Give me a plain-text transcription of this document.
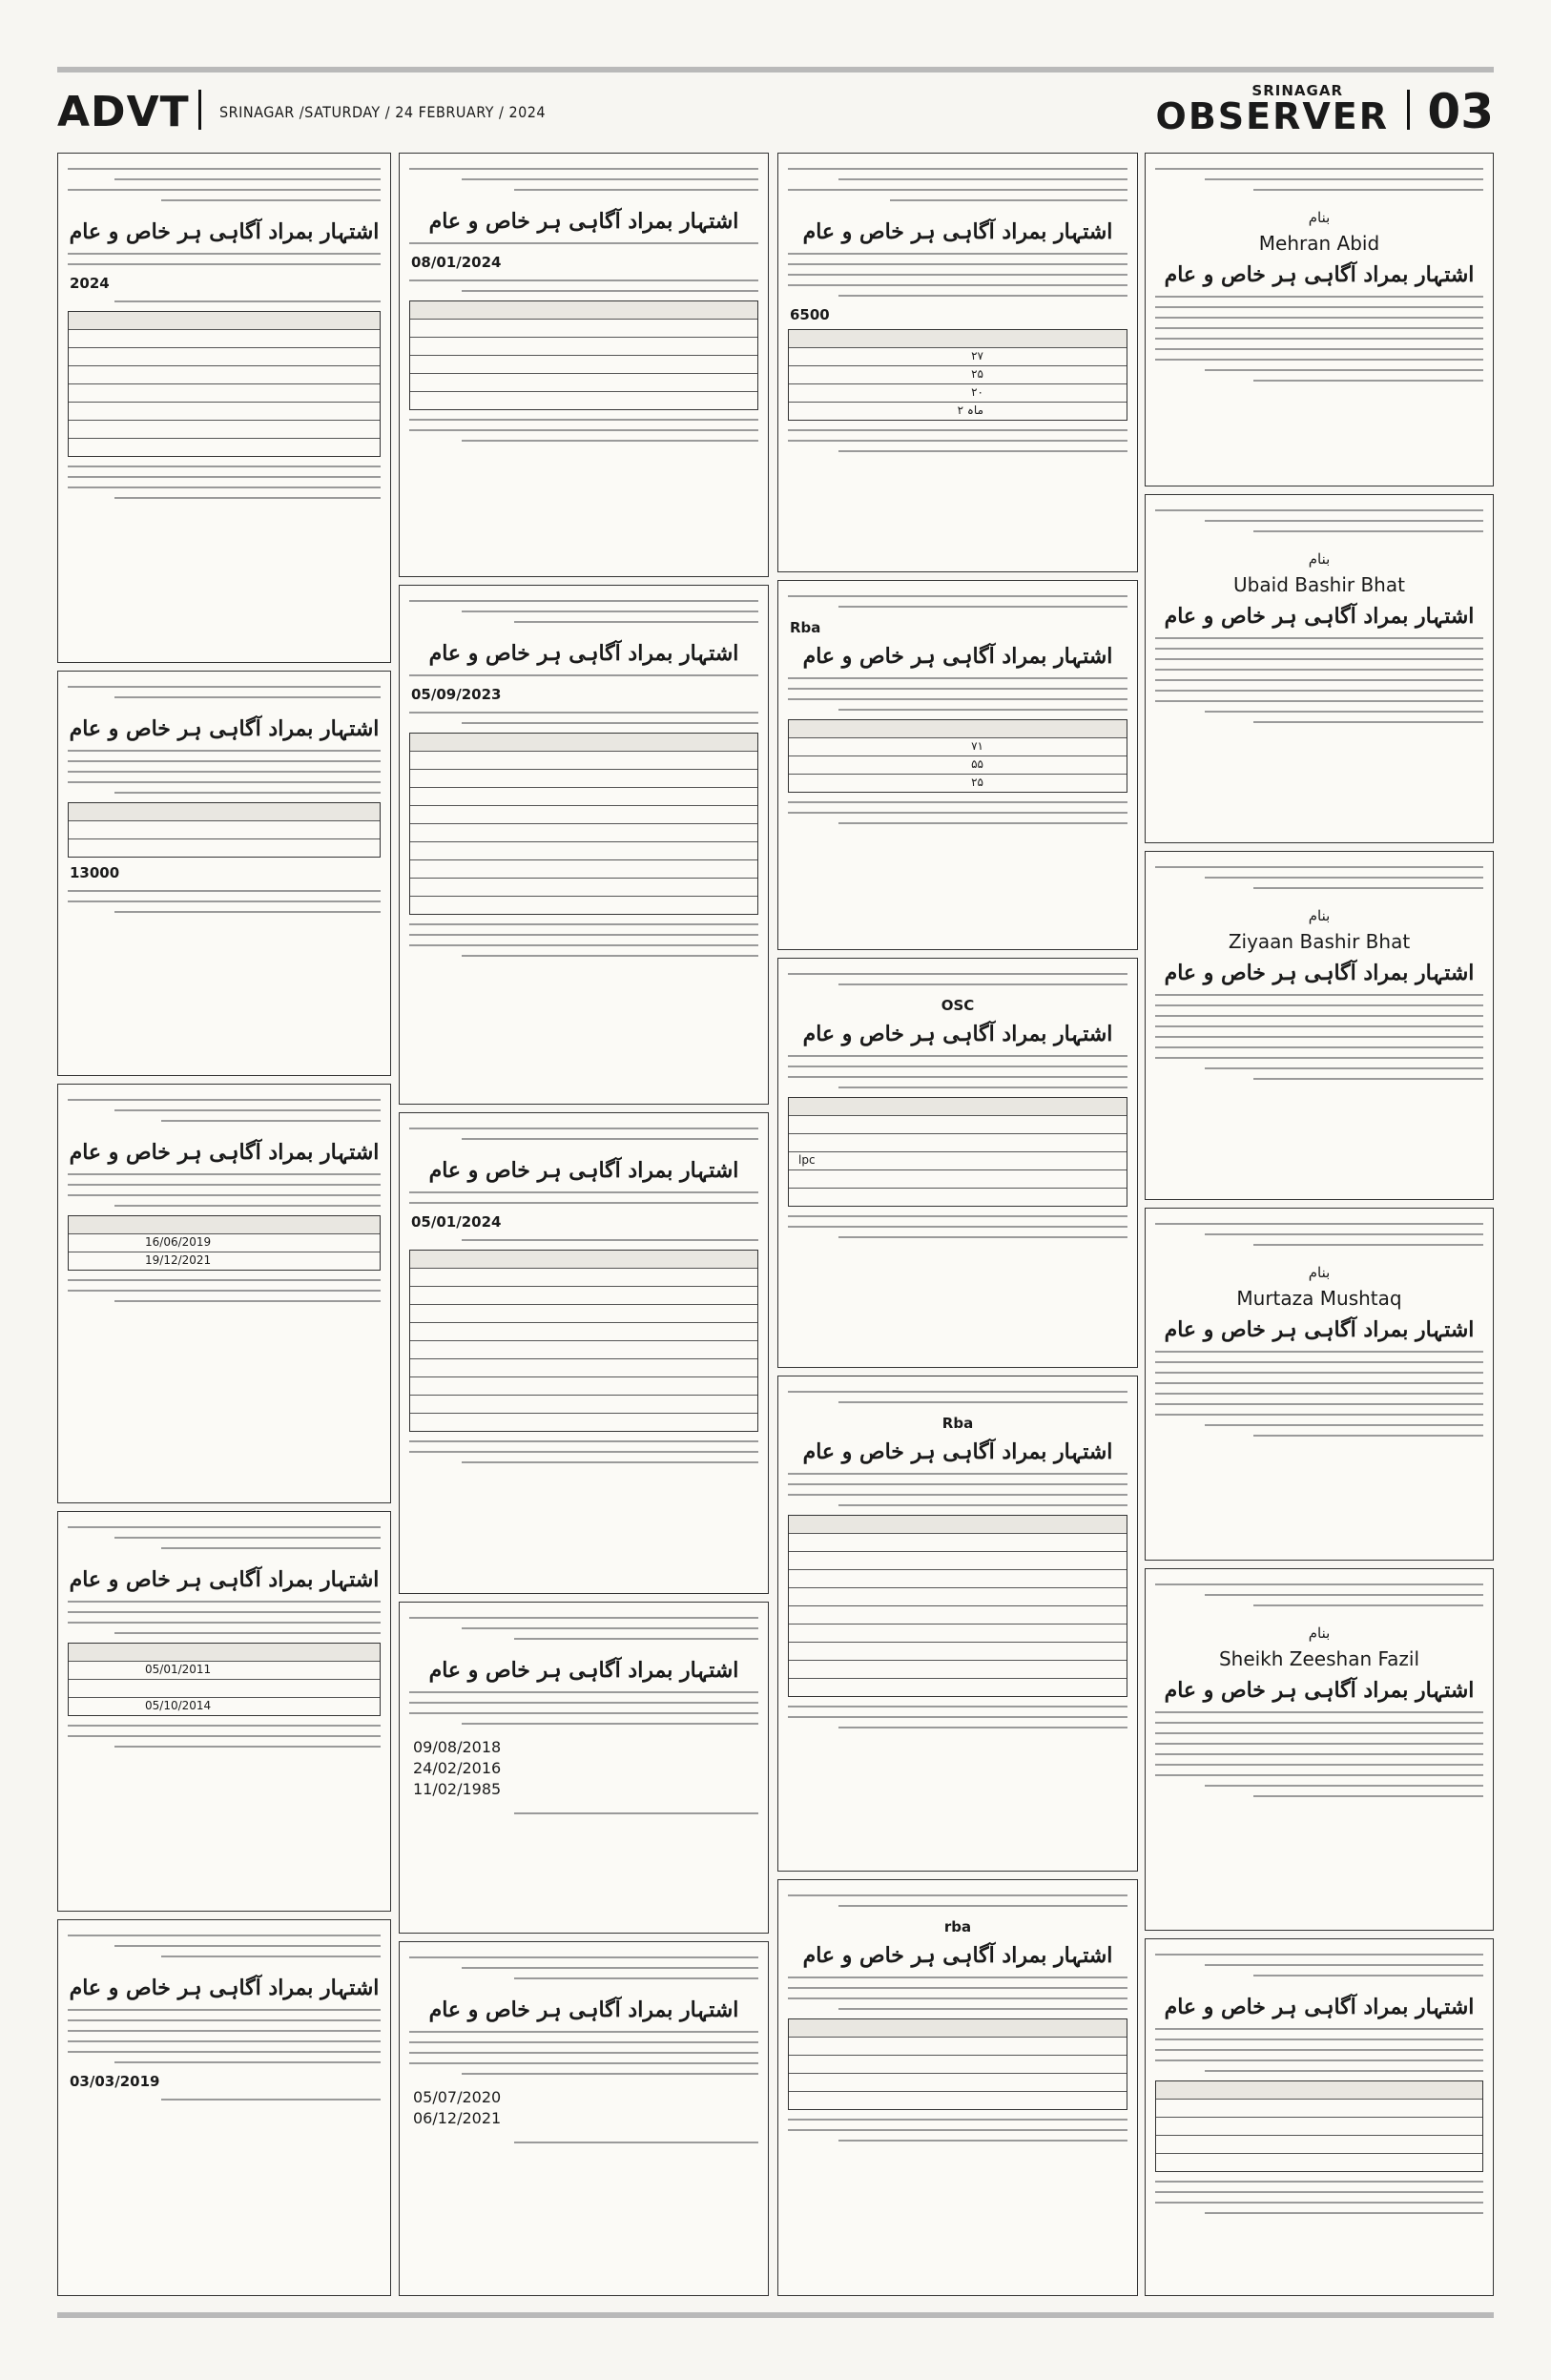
ADVT SRINAGAR /SATURDAY / 24 FEBRUARY / 2024
SRINAGAR
OBSERVER 03
بنام
Mehran Abid
اشتہار بمراد آگاہی ہر خاص و عام
بنام
Ubaid Bashir Bhat
اشتہار بمراد آگاہی ہر خاص و عام
بنام
Ziyaan Bashir Bhat
اشتہار بمراد آگاہی ہر خاص و عام
بنام
Murtaza Mushtaq
اشتہار بمراد آگاہی ہر خاص و عام
بنام
Sheikh Zeeshan Fazil
اشتہار بمراد آگاہی ہر خاص و عام
اشتہار بمراد آگاہی ہر خاص و عام
اشتہار بمراد آگاہی ہر خاص و عام
6500
۲۷
۲۵
۲۰
۲ ماہ
Rba
اشتہار بمراد آگاہی ہر خاص و عام
۷۱
۵۵
۲۵
OSC
اشتہار بمراد آگاہی ہر خاص و عام
lpc
Rba
اشتہار بمراد آگاہی ہر خاص و عام
rba
اشتہار بمراد آگاہی ہر خاص و عام
اشتہار بمراد آگاہی ہر خاص و عام
08/01/2024
اشتہار بمراد آگاہی ہر خاص و عام
05/09/2023
اشتہار بمراد آگاہی ہر خاص و عام
05/01/2024
اشتہار بمراد آگاہی ہر خاص و عام
09/08/2018
24/02/2016
11/02/1985
اشتہار بمراد آگاہی ہر خاص و عام
05/07/2020
06/12/2021
اشتہار بمراد آگاہی ہر خاص و عام
2024
اشتہار بمراد آگاہی ہر خاص و عام
13000
اشتہار بمراد آگاہی ہر خاص و عام
16/06/2019
19/12/2021
اشتہار بمراد آگاہی ہر خاص و عام
05/01/2011
05/10/2014
اشتہار بمراد آگاہی ہر خاص و عام
03/03/2019
